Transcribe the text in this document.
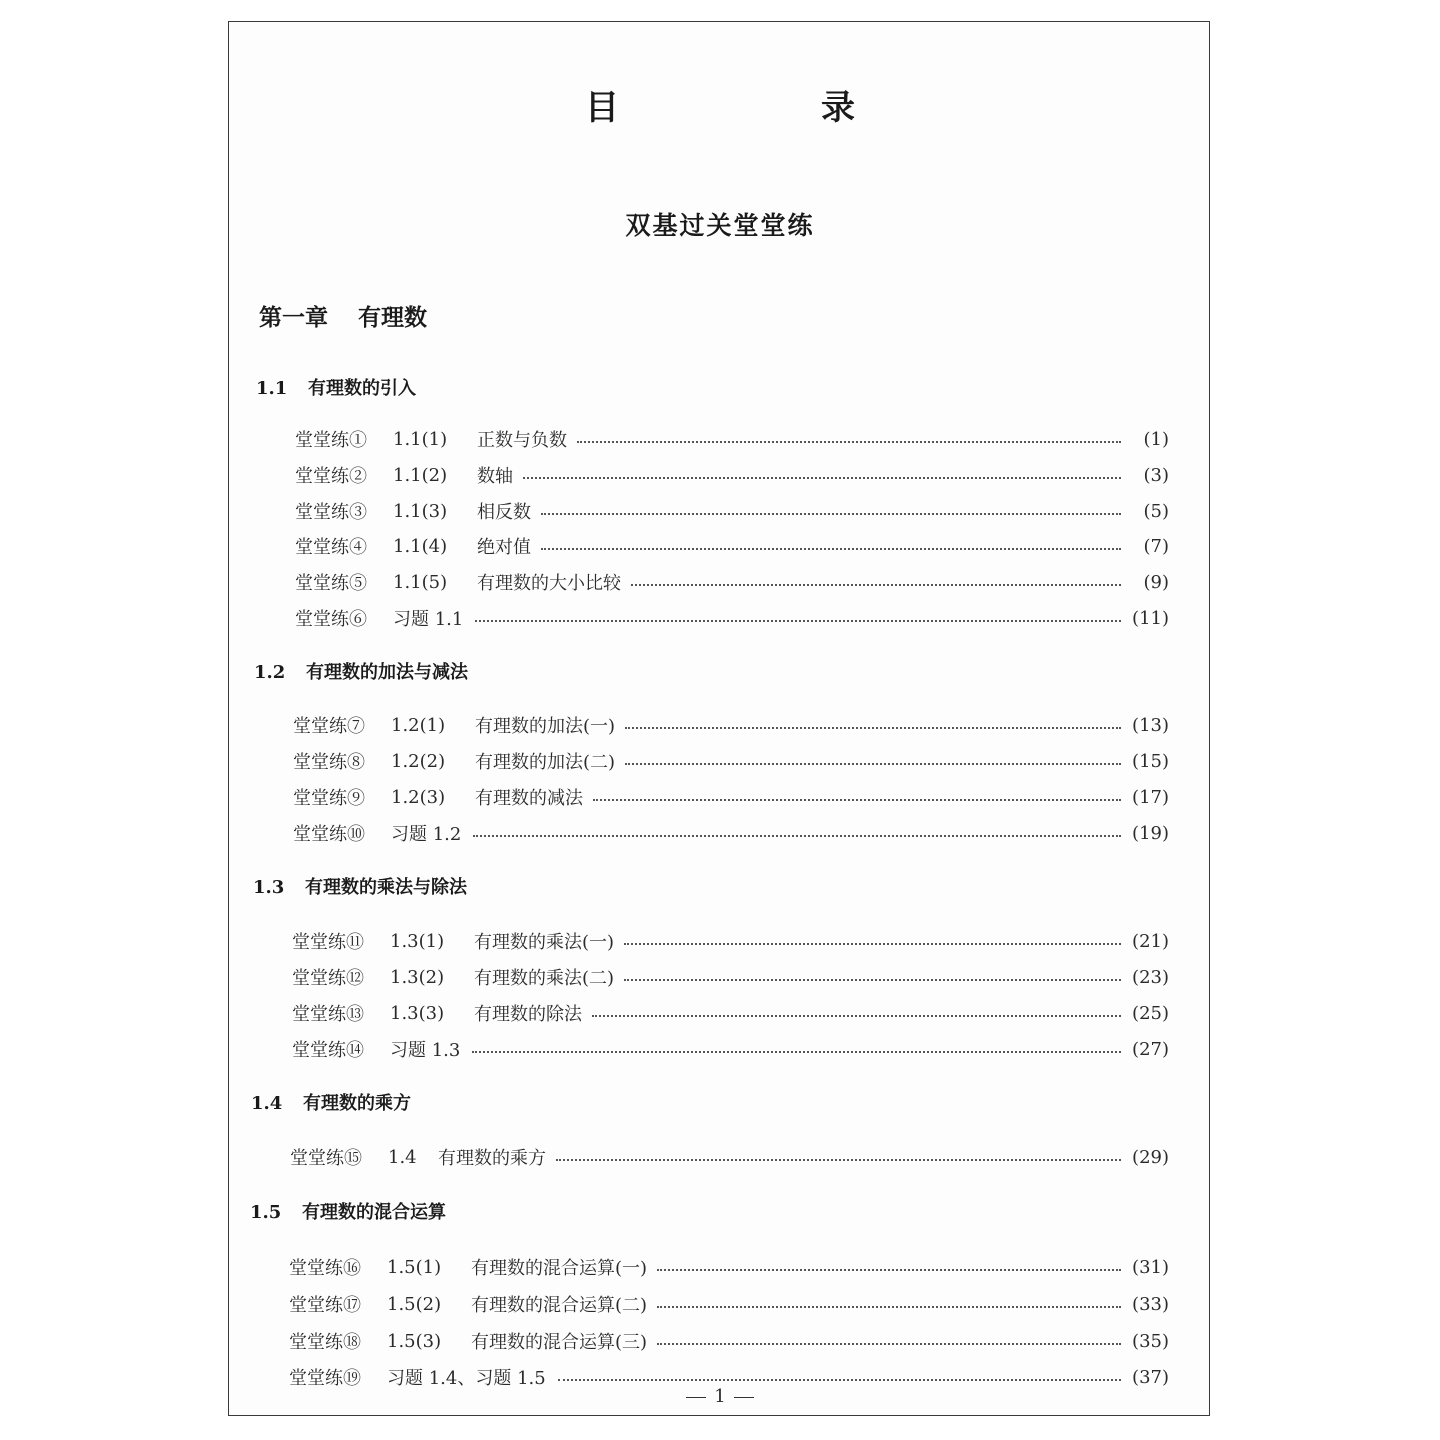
目　录
双基过关堂堂练
第一章 有理数
1.1 有理数的引入
堂堂练①	1.1(1)	正数与负数	(1)
堂堂练②	1.1(2)	数轴	(3)
堂堂练③	1.1(3)	相反数	(5)
堂堂练④	1.1(4)	绝对值	(7)
堂堂练⑤	1.1(5)	有理数的大小比较	(9)
堂堂练⑥	习题 1.1	(11)
1.2 有理数的加法与减法
堂堂练⑦	1.2(1)	有理数的加法(一)	(13)
堂堂练⑧	1.2(2)	有理数的加法(二)	(15)
堂堂练⑨	1.2(3)	有理数的减法	(17)
堂堂练⑩	习题 1.2	(19)
1.3 有理数的乘法与除法
堂堂练⑪	1.3(1)	有理数的乘法(一)	(21)
堂堂练⑫	1.3(2)	有理数的乘法(二)	(23)
堂堂练⑬	1.3(3)	有理数的除法	(25)
堂堂练⑭	习题 1.3	(27)
1.4 有理数的乘方
堂堂练⑮	1.4	有理数的乘方	(29)
1.5 有理数的混合运算
堂堂练⑯	1.5(1)	有理数的混合运算(一)	(31)
堂堂练⑰	1.5(2)	有理数的混合运算(二)	(33)
堂堂练⑱	1.5(3)	有理数的混合运算(三)	(35)
堂堂练⑲	习题 1.4、习题 1.5	(37)
1
